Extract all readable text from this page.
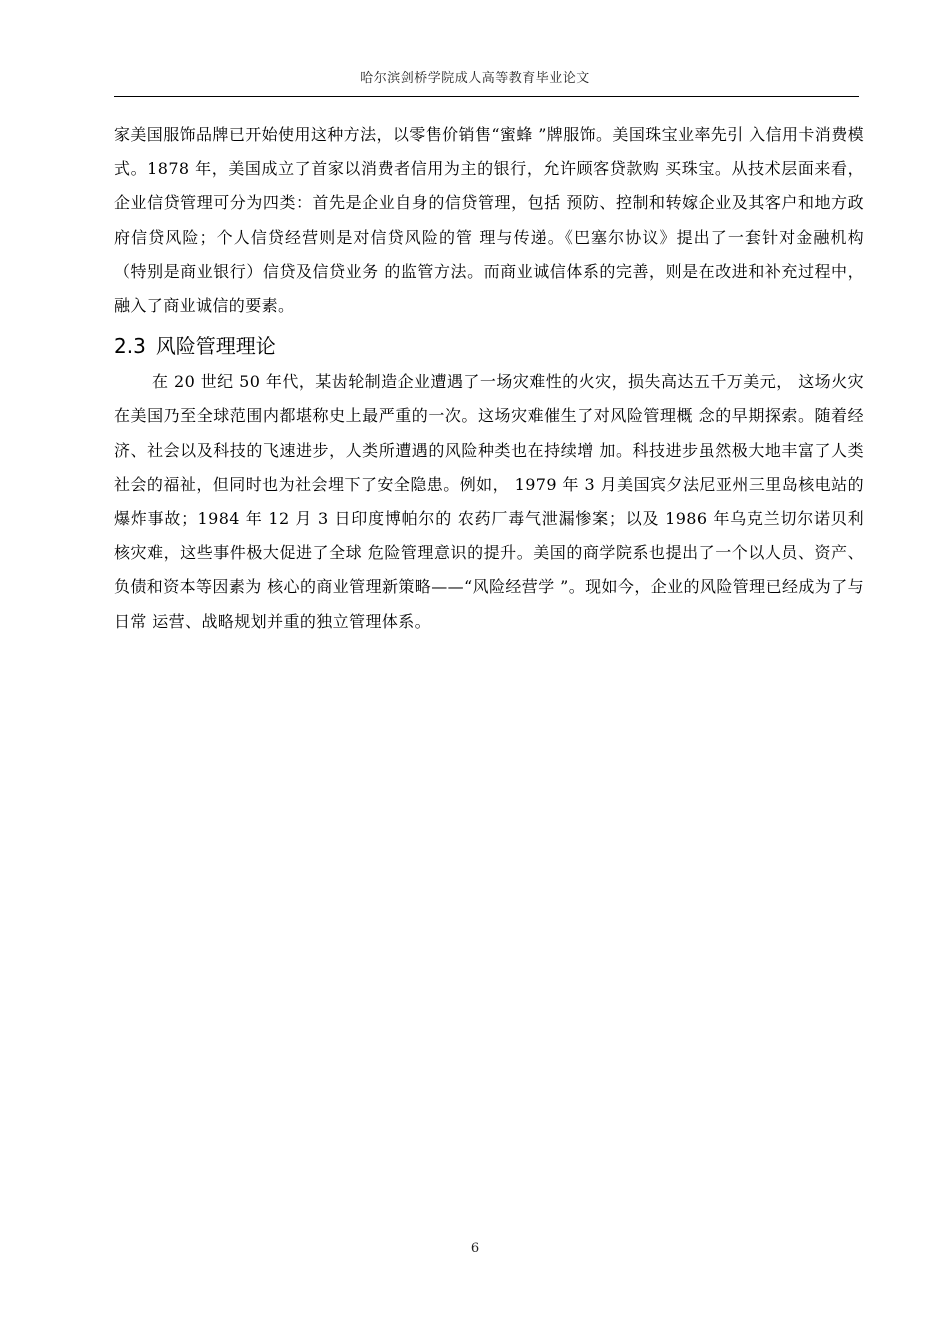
哈尔滨剑桥学院成人高等教育毕业论文

家美国服饰品牌已开始使用这种方法，以零售价销售“蜜蜂 ”牌服饰。美国珠宝业率先引 入信用卡消费模式。1878 年，美国成立了首家以消费者信用为主的银行，允许顾客贷款购 买珠宝。从技术层面来看，企业信贷管理可分为四类：首先是企业自身的信贷管理，包括 预防、控制和转嫁企业及其客户和地方政府信贷风险；个人信贷经营则是对信贷风险的管 理与传递。《巴塞尔协议》提出了一套针对金融机构（特别是商业银行）信贷及信贷业务 的监管方法。而商业诚信体系的完善，则是在改进和补充过程中，融入了商业诚信的要素。

2.3 风险管理理论

在 20 世纪 50 年代，某齿轮制造企业遭遇了一场灾难性的火灾，损失高达五千万美元， 这场火灾在美国乃至全球范围内都堪称史上最严重的一次。这场灾难催生了对风险管理概 念的早期探索。随着经济、社会以及科技的飞速进步，人类所遭遇的风险种类也在持续增 加。科技进步虽然极大地丰富了人类社会的福祉，但同时也为社会埋下了安全隐患。例如， 1979 年 3 月美国宾夕法尼亚州三里岛核电站的爆炸事故；1984 年 12 月 3 日印度博帕尔的 农药厂毒气泄漏惨案；以及 1986 年乌克兰切尔诺贝利核灾难，这些事件极大促进了全球 危险管理意识的提升。美国的商学院系也提出了一个以人员、资产、负债和资本等因素为 核心的商业管理新策略——“风险经营学 ”。现如今，企业的风险管理已经成为了与日常 运营、战略规划并重的独立管理体系。

6
